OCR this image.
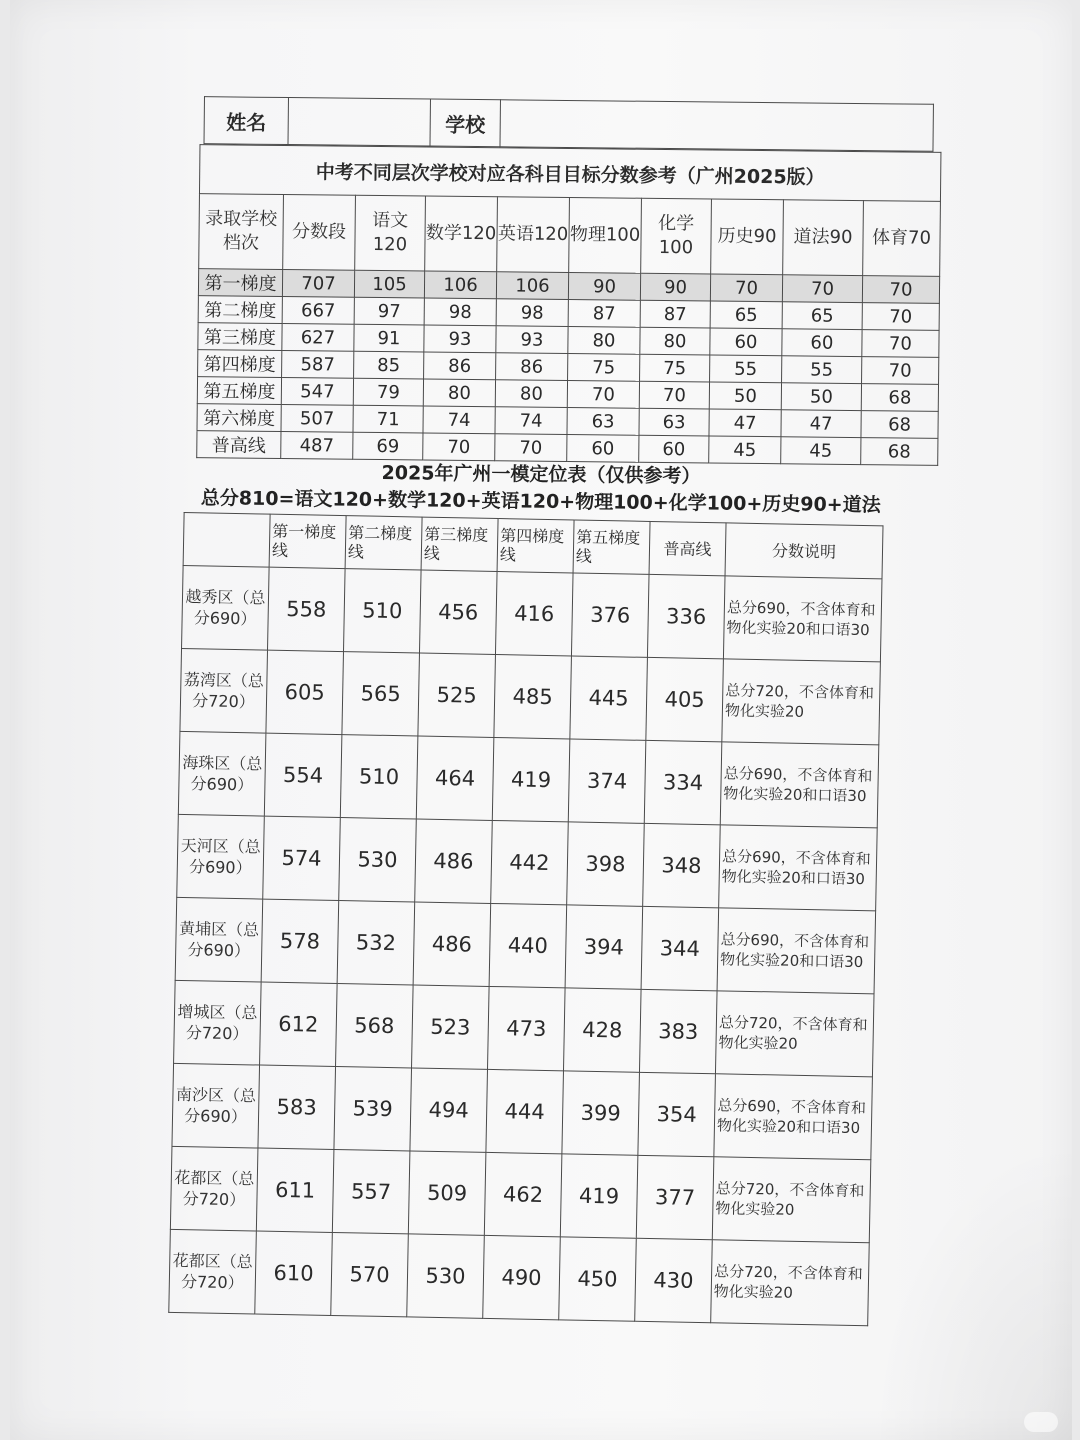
姓名		学校	
中考不同层次学校对应各科目目标分数参考（广州2025版）									
录取学校档次	分数段	语文120	数学120	英语120	物理100	化学100	历史90	道法90	体育70
第一梯度	707	105	106	106	90	90	70	70	70
第二梯度	667	97	98	98	87	87	65	65	70
第三梯度	627	91	93	93	80	80	60	60	70
第四梯度	587	85	86	86	75	75	55	55	70
第五梯度	547	79	80	80	70	70	50	50	68
第六梯度	507	71	74	74	63	63	47	47	68
普高线	487	69	70	70	60	60	45	45	68
2025年广州一模定位表（仅供参考）
总分810=语文120+数学120+英语120+物理100+化学100+历史90+道法
	第一梯度线	第二梯度线	第三梯度线	第四梯度线	第五梯度线	普高线	分数说明
越秀区（总分690）	558	510	456	416	376	336	总分690，不含体育和物化实验20和口语30
荔湾区（总分720）	605	565	525	485	445	405	总分720，不含体育和物化实验20
海珠区（总分690）	554	510	464	419	374	334	总分690，不含体育和物化实验20和口语30
天河区（总分690）	574	530	486	442	398	348	总分690，不含体育和物化实验20和口语30
黄埔区（总分690）	578	532	486	440	394	344	总分690，不含体育和物化实验20和口语30
增城区（总分720）	612	568	523	473	428	383	总分720，不含体育和物化实验20
南沙区（总分690）	583	539	494	444	399	354	总分690，不含体育和物化实验20和口语30
花都区（总分720）	611	557	509	462	419	377	总分720，不含体育和物化实验20
花都区（总分720）	610	570	530	490	450	430	总分720，不含体育和物化实验20
